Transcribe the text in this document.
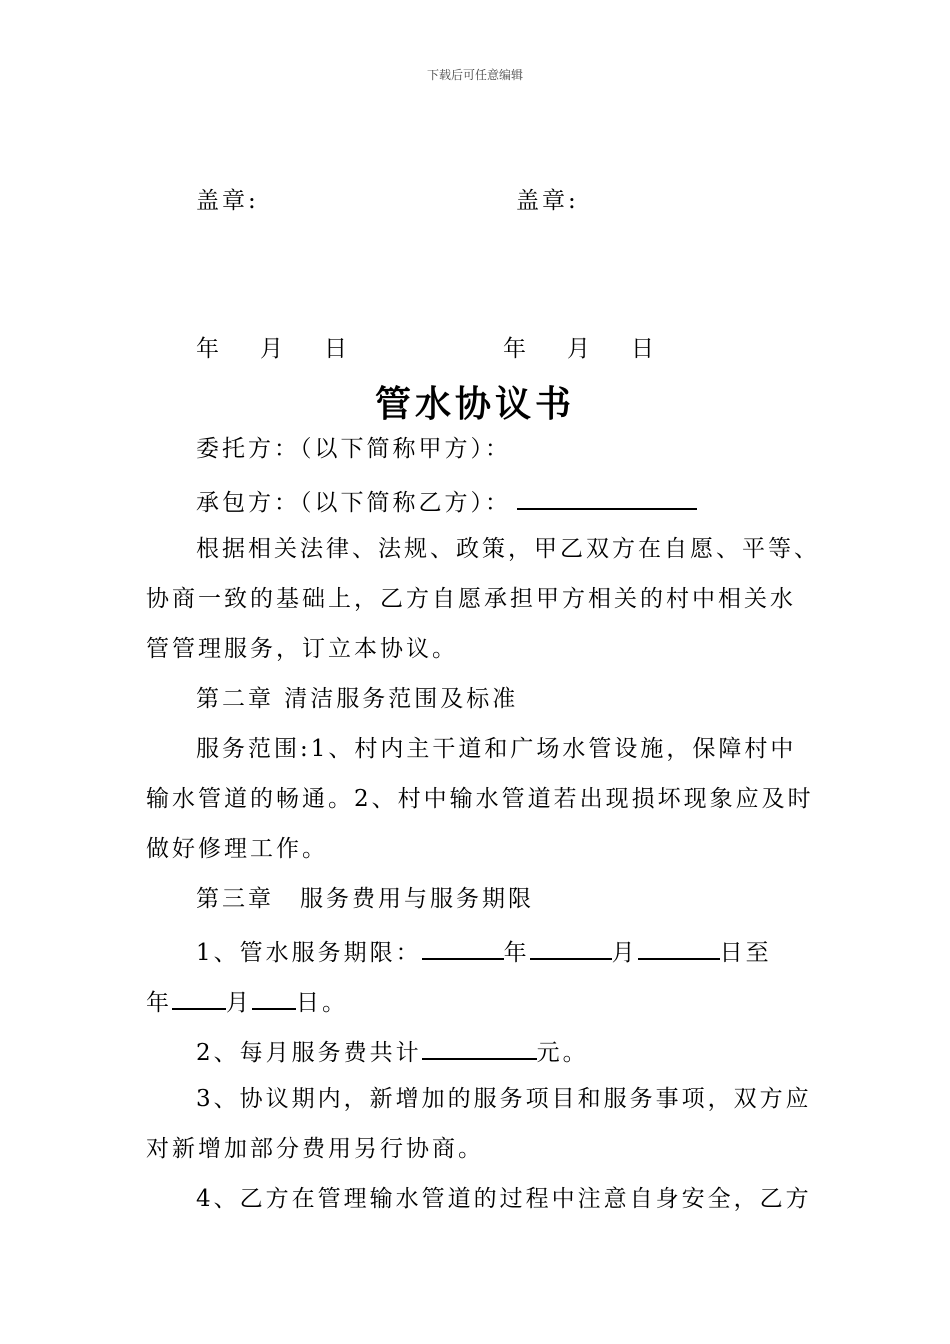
下载后可任意编辑
盖章:	盖章:
年 月 日	年 月 日
管水协议书
委托方：（以下简称甲方）：
承包方：（以下简称乙方）：
根据相关法律、法规、政策，甲乙双方在自愿、平等、
协商一致的基础上，乙方自愿承担甲方相关的村中相关水
管管理服务，订立本协议。
第二章 清洁服务范围及标准
服务范围:1、村内主干道和广场水管设施，保障村中
输水管道的畅通。2、村中输水管道若出现损坏现象应及时
做好修理工作。
第三章　服务费用与服务期限
1、管水服务期限：	年	月	日至
年 月 日。
2、每月服务费共计	元。
3、协议期内，新增加的服务项目和服务事项，双方应
对新增加部分费用另行协商。
4、乙方在管理输水管道的过程中注意自身安全，乙方
